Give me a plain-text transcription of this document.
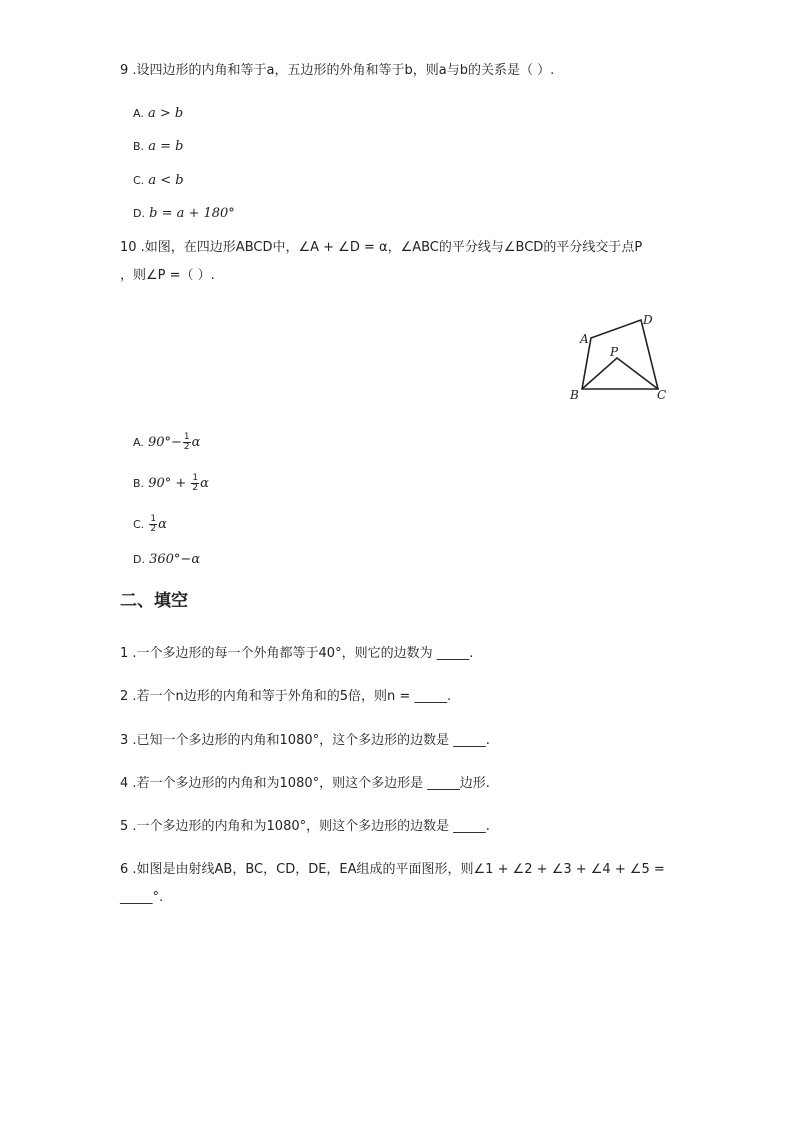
9 .设四边形的内角和等于a，五边形的外角和等于b，则a与b的关系是（ ）.
A. a > b
B. a = b
C. a < b
D. b = a + 180°
10 .如图，在四边形ABCD中，∠A + ∠D = α，∠ABC的平分线与∠BCD的平分线交于点P
，则∠P =（ ）.
A
D
P
B	C
A. $90^\circ- \frac{1}{2}$ α
B. $90^\circ + \frac{1}{2}$ α
C. $\frac{1}{2}$ α
D. 360°−α
二、填空
1 .一个多边形的每一个外角都等于40°，则它的边数为 _____.
2 .若一个n边形的内角和等于外角和的5倍，则n = _____.
3 .已知一个多边形的内角和1080°，这个多边形的边数是 _____.
4 .若一个多边形的内角和为1080°，则这个多边形是 _____边形.
5 .一个多边形的内角和为1080°，则这个多边形的边数是 _____.
6 .如图是由射线AB，BC，CD，DE，EA组成的平面图形，则∠1 + ∠2 + ∠3 + ∠4 + ∠5 =
_____°.
